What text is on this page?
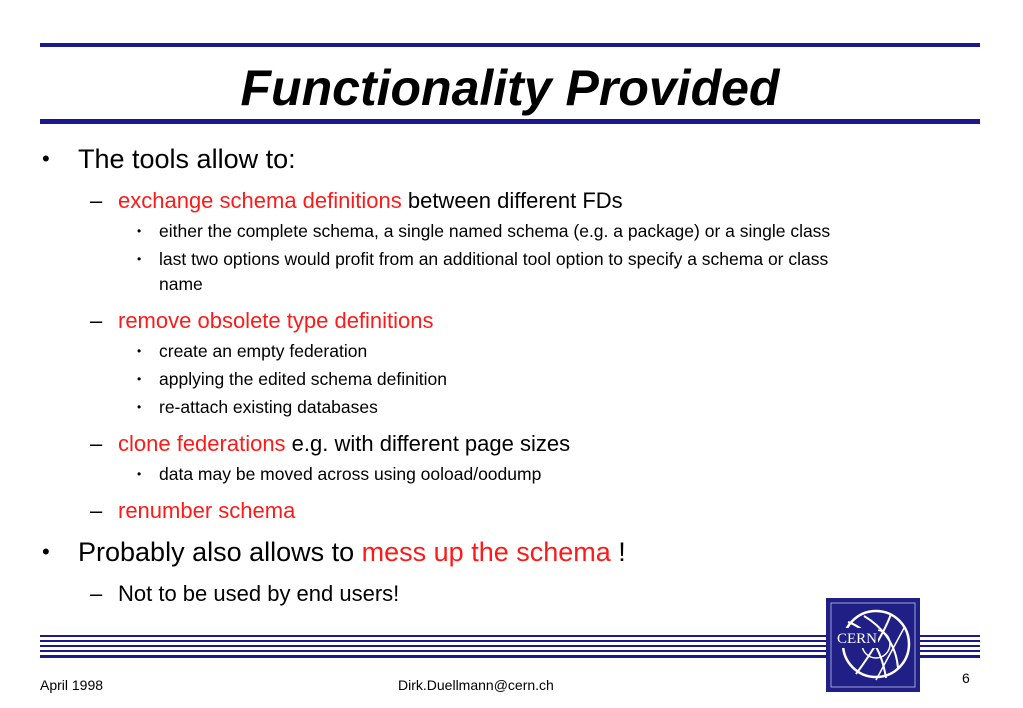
Functionality Provided
• The tools allow to:
– exchange schema definitions between different FDs
• either the complete schema, a single named schema (e.g. a package) or a single class
• last two options would profit from an additional tool option to specify a schema or class
name
– remove obsolete type definitions
• create an empty federation
• applying the edited schema definition
• re-attach existing databases
– clone federations e.g. with different page sizes
• data may be moved across using ooload/oodump
– renumber schema
• Probably also allows to mess up the schema !
– Not to be used by end users!
CERN
April 1998	Dirk.Duellmann@cern.ch	6
